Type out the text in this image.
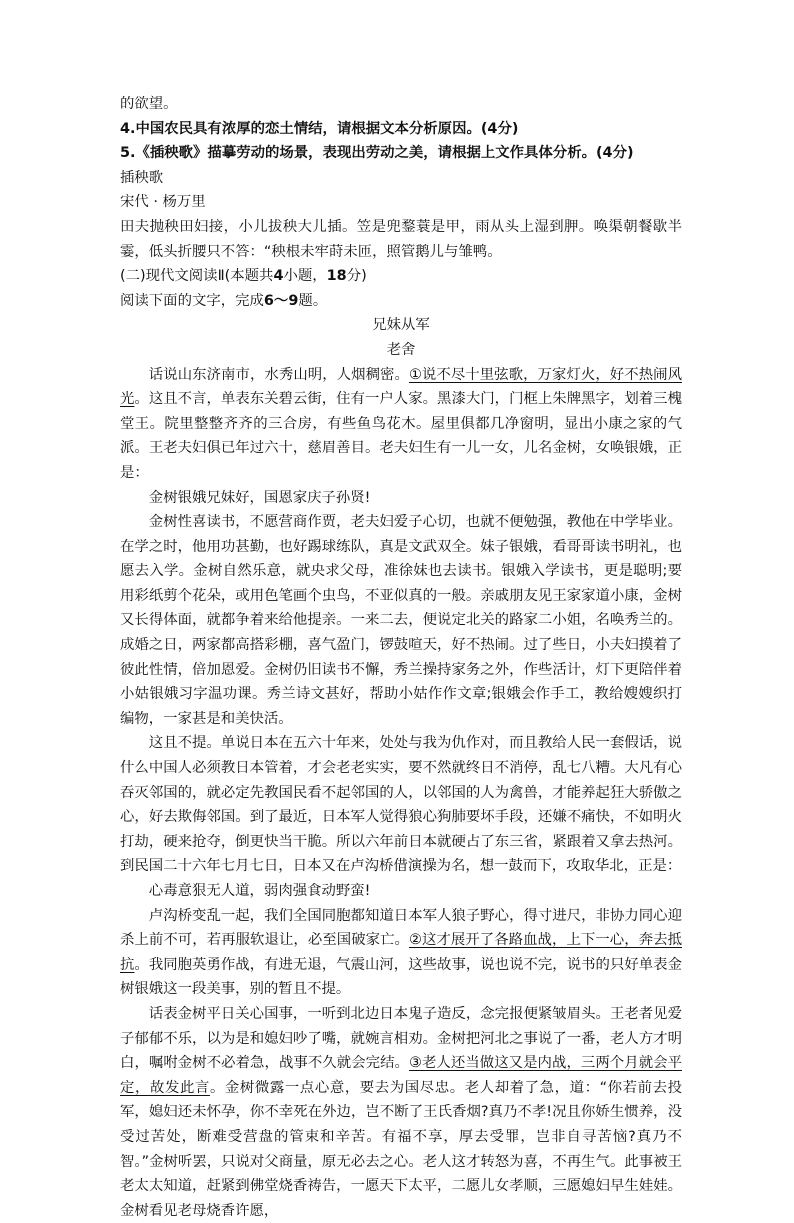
的欲望。

4.中国农民具有浓厚的恋土情结，请根据文本分析原因。(4分)

5.《插秧歌》描摹劳动的场景，表现出劳动之美，请根据上文作具体分析。(4分)

插秧歌

宋代 · 杨万里

田夫抛秧田妇接，小儿拔秧大儿插。笠是兜鍪蓑是甲，雨从头上湿到胛。唤渠朝餐歇半霎，低头折腰只不答：“秧根未牢莳未匝，照管鹅儿与雏鸭。

(二)现代文阅读Ⅱ(本题共4小题，18分)

阅读下面的文字，完成6～9题。

兄妹从军

老舍

话说山东济南市，水秀山明，人烟稠密。①说不尽十里弦歌，万家灯火，好不热闹风光。这且不言，单表东关碧云街，住有一户人家。黑漆大门，门框上朱牌黑字，划着三槐堂王。院里整整齐齐的三合房，有些鱼鸟花木。屋里俱都几净窗明，显出小康之家的气派。王老夫妇俱已年过六十，慈眉善目。老夫妇生有一儿一女，儿名金树，女唤银娥，正是：

金树银娥兄妹好，国恩家庆子孙贤!

金树性喜读书，不愿营商作贾，老夫妇爱子心切，也就不便勉强，教他在中学毕业。在学之时，他用功甚勤，也好踢球练队，真是文武双全。妹子银娥，看哥哥读书明礼，也愿去入学。金树自然乐意，就央求父母，准徐妹也去读书。银娥入学读书，更是聪明;要用彩纸剪个花朵，或用色笔画个虫鸟，不亚似真的一般。亲戚朋友见王家家道小康，金树又长得体面，就都争着来给他提亲。一来二去，便说定北关的路家二小姐，名唤秀兰的。成婚之日，两家都高搭彩棚，喜气盈门，锣鼓喧天，好不热闹。过了些日，小夫妇摸着了彼此性情，倍加恩爱。金树仍旧读书不懈，秀兰操持家务之外，作些活计，灯下更陪伴着小姑银娥习字温功课。秀兰诗文甚好，帮助小姑作作文章;银娥会作手工，教给嫂嫂织打编物，一家甚是和美快活。

这且不提。单说日本在五六十年来，处处与我为仇作对，而且教给人民一套假话，说什么中国人必须教日本管着，才会老老实实，要不然就终日不消停，乱七八糟。大凡有心吞灭邻国的，就必定先教国民看不起邻国的人，以邻国的人为禽兽，才能养起狂大骄傲之心，好去欺侮邻国。到了最近，日本军人觉得狼心狗肺要坏手段，还嫌不痛快，不如明火打劫，硬来抢夺，倒更快当干脆。所以六年前日本就硬占了东三省，紧跟着又拿去热河。到民国二十六年七月七日，日本又在卢沟桥借演操为名，想一鼓而下，攻取华北，正是：

心毒意狠无人道，弱肉强食动野蛮!

卢沟桥变乱一起，我们全国同胞都知道日本军人狼子野心，得寸进尺，非协力同心迎杀上前不可，若再服软退让，必至国破家亡。②这才展开了各路血战，上下一心，奔去抵抗。我同胞英勇作战，有进无退，气震山河，这些故事，说也说不完，说书的只好单表金树银娥这一段美事，别的暂且不提。

话表金树平日关心国事，一听到北边日本鬼子造反，念完报便紧皱眉头。王老者见爱子郁郁不乐，以为是和媳妇吵了嘴，就婉言相劝。金树把河北之事说了一番，老人方才明白，嘱咐金树不必着急，战事不久就会完结。③老人还当做这又是内战，三两个月就会平定，故发此言。金树微露一点心意，要去为国尽忠。老人却着了急，道：“你若前去投军，媳妇还未怀孕，你不幸死在外边，岂不断了王氏香烟?真乃不孝!况且你娇生惯养，没受过苦处，断难受营盘的管束和辛苦。有福不享，厚去受罪，岂非自寻苦恼?真乃不智。”金树听罢，只说对父商量，原无必去之心。老人这才转怒为喜，不再生气。此事被王老太太知道，赶紧到佛堂烧香祷告，一愿天下太平，二愿儿女孝顺，三愿媳妇早生娃娃。金树看见老母烧香许愿，
